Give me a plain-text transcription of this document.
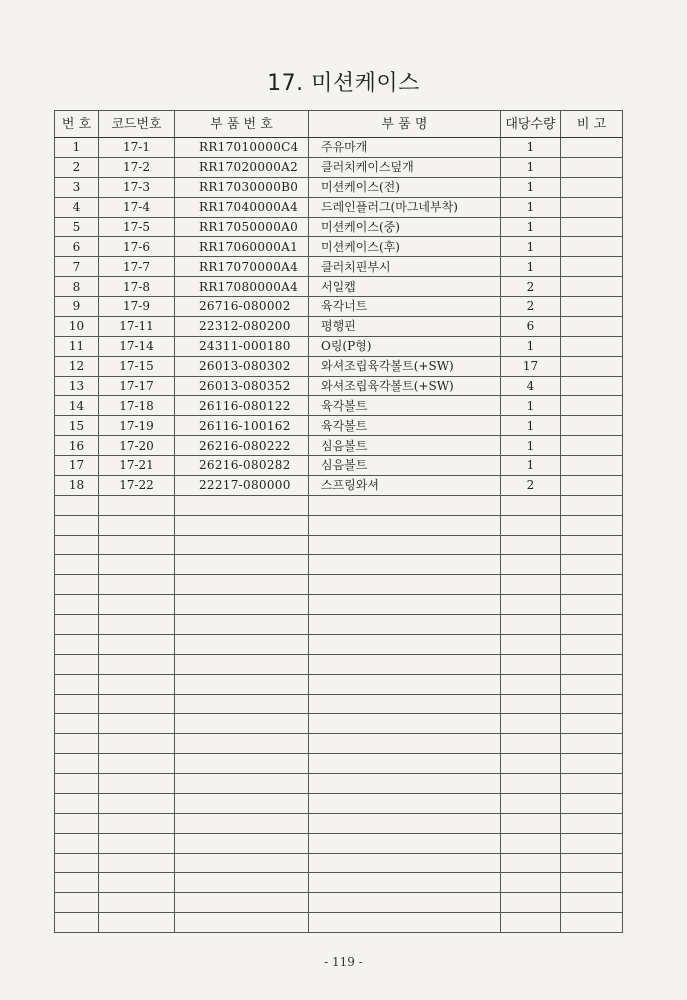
17. 미션케이스
번 호	코드번호	부 품 번 호	부 품 명	대당수량	비 고
1	17-1	RR17010000C4	주유마개	1	
2	17-2	RR17020000A2	클러치케이스덮개	1	
3	17-3	RR17030000B0	미션케이스(전)	1	
4	17-4	RR17040000A4	드레인플러그(마그네부착)	1	
5	17-5	RR17050000A0	미션케이스(중)	1	
6	17-6	RR17060000A1	미션케이스(후)	1	
7	17-7	RR17070000A4	클러치핀부시	1	
8	17-8	RR17080000A4	서일캡	2	
9	17-9	26716-080002	육각너트	2	
10	17-11	22312-080200	평행핀	6	
11	17-14	24311-000180	O링(P형)	1	
12	17-15	26013-080302	와셔조립육각볼트(+SW)	17	
13	17-17	26013-080352	와셔조립육각볼트(+SW)	4	
14	17-18	26116-080122	육각볼트	1	
15	17-19	26116-100162	육각볼트	1	
16	17-20	26216-080222	심음볼트	1	
17	17-21	26216-080282	심음볼트	1	
18	17-22	22217-080000	스프링와셔	2	

- 119 -
